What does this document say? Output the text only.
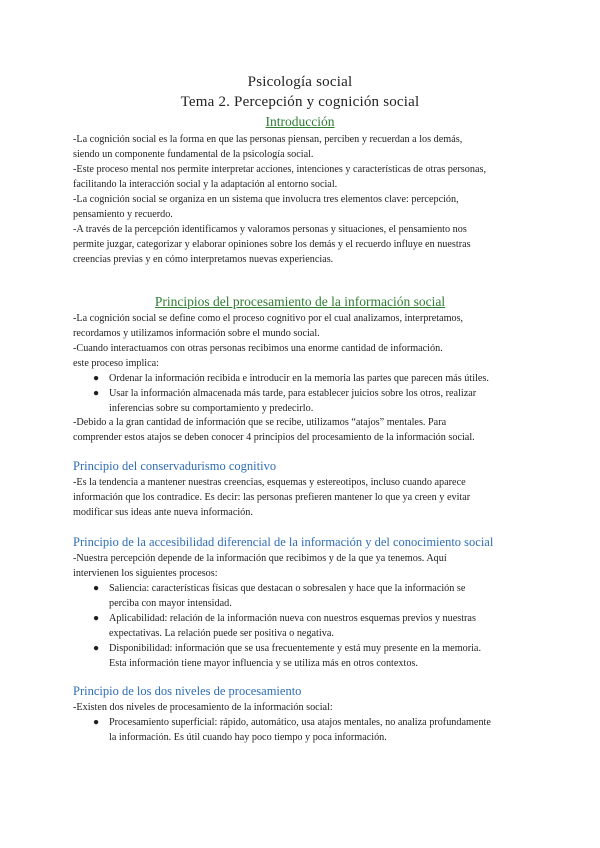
Psicología social
Tema 2. Percepción y cognición social
Introducción
-La cognición social es la forma en que las personas piensan, perciben y recuerdan a los demás,
siendo un componente fundamental de la psicología social.
-Este proceso mental nos permite interpretar acciones, intenciones y características de otras personas,
facilitando la interacción social y la adaptación al entorno social.
-La cognición social se organiza en un sistema que involucra tres elementos clave: percepción,
pensamiento y recuerdo.
-A través de la percepción identificamos y valoramos personas y situaciones, el pensamiento nos
permite juzgar, categorizar y elaborar opiniones sobre los demás y el recuerdo influye en nuestras
creencias previas y en cómo interpretamos nuevas experiencias.
Principios del procesamiento de la información social
-La cognición social se define como el proceso cognitivo por el cual analizamos, interpretamos,
recordamos y utilizamos información sobre el mundo social.
-Cuando interactuamos con otras personas recibimos una enorme cantidad de información.
este proceso implica:
● Ordenar la información recibida e introducir en la memoria las partes que parecen más útiles.
● Usar la información almacenada más tarde, para establecer juicios sobre los otros, realizar
inferencias sobre su comportamiento y predecirlo.
-Debido a la gran cantidad de información que se recibe, utilizamos “atajos” mentales. Para
comprender estos atajos se deben conocer 4 principios del procesamiento de la información social.
Principio del conservadurismo cognitivo
-Es la tendencia a mantener nuestras creencias, esquemas y estereotipos, incluso cuando aparece
información que los contradice. Es decir: las personas prefieren mantener lo que ya creen y evitar
modificar sus ideas ante nueva información.
Principio de la accesibilidad diferencial de la información y del conocimiento social
-Nuestra percepción depende de la información que recibimos y de la que ya tenemos. Aquí
intervienen los siguientes procesos:
● Saliencia: características físicas que destacan o sobresalen y hace que la información se
perciba con mayor intensidad.
● Aplicabilidad: relación de la información nueva con nuestros esquemas previos y nuestras
expectativas. La relación puede ser positiva o negativa.
● Disponibilidad: información que se usa frecuentemente y está muy presente en la memoria.
Esta información tiene mayor influencia y se utiliza más en otros contextos.
Principio de los dos niveles de procesamiento
-Existen dos niveles de procesamiento de la información social:
● Procesamiento superficial: rápido, automático, usa atajos mentales, no analiza profundamente
la información. Es útil cuando hay poco tiempo y poca información.
